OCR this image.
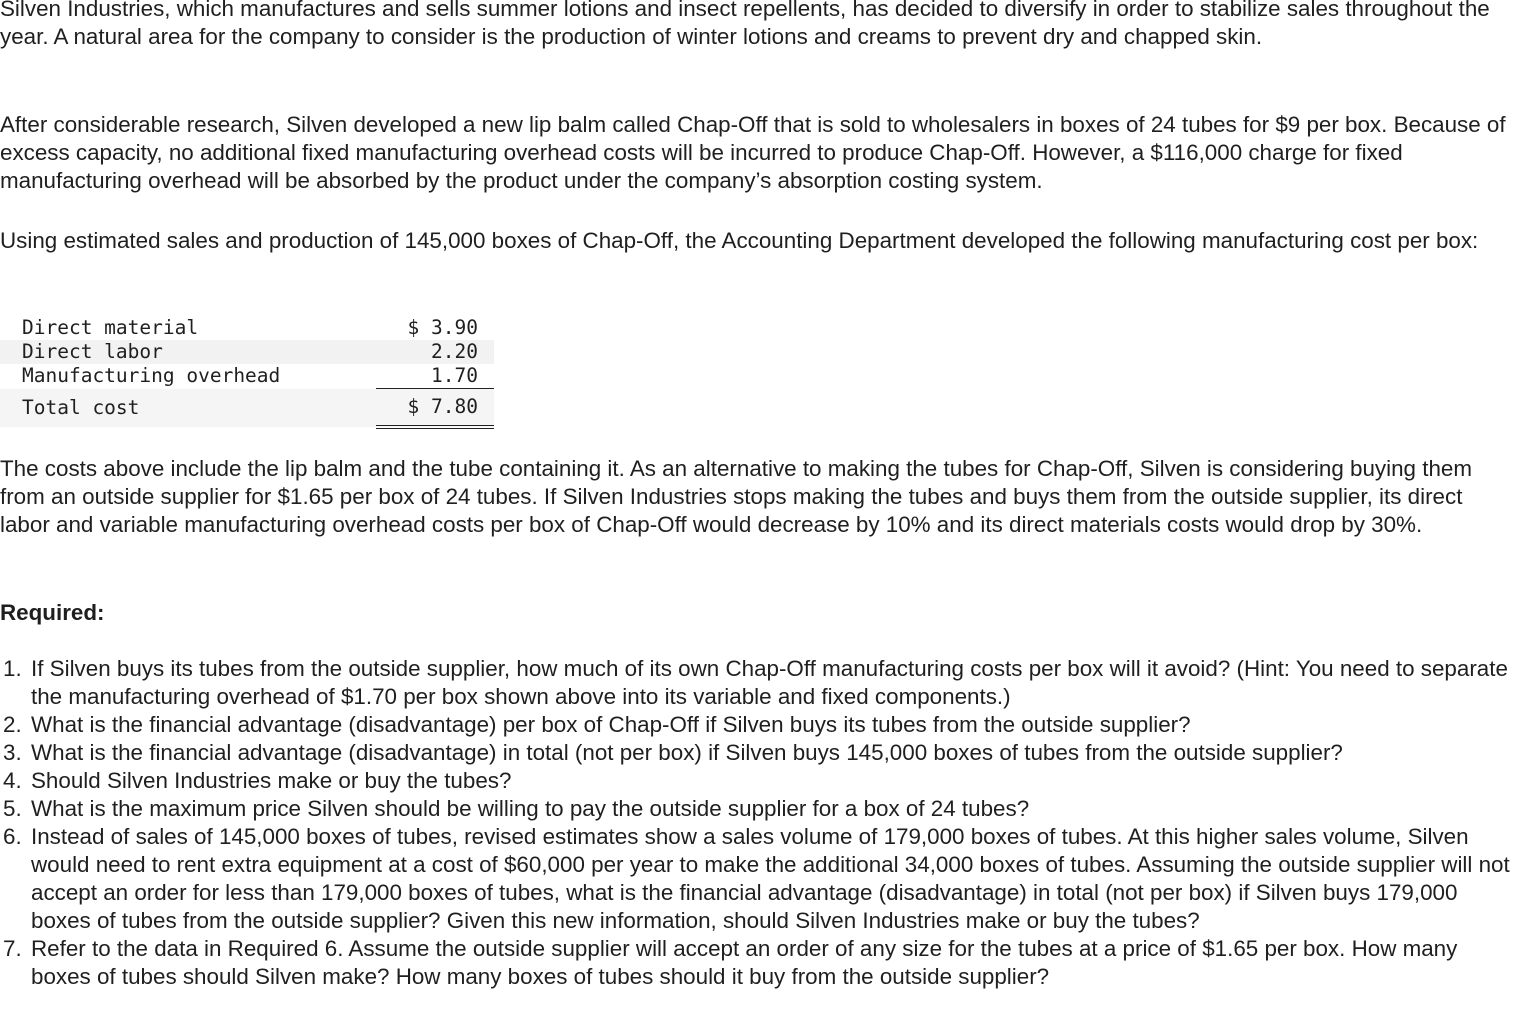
Silven Industries, which manufactures and sells summer lotions and insect repellents, has decided to diversify in order to stabilize sales throughout the year. A natural area for the company to consider is the production of winter lotions and creams to prevent dry and chapped skin.

After considerable research, Silven developed a new lip balm called Chap-Off that is sold to wholesalers in boxes of 24 tubes for $9 per box. Because of excess capacity, no additional fixed manufacturing overhead costs will be incurred to produce Chap-Off. However, a $116,000 charge for fixed manufacturing overhead will be absorbed by the product under the company’s absorption costing system.

Using estimated sales and production of 145,000 boxes of Chap-Off, the Accounting Department developed the following manufacturing cost per box:

Direct material	$ 3.90
Direct labor	2.20
Manufacturing overhead	1.70
Total cost	$ 7.80

The costs above include the lip balm and the tube containing it. As an alternative to making the tubes for Chap-Off, Silven is considering buying them from an outside supplier for $1.65 per box of 24 tubes. If Silven Industries stops making the tubes and buys them from the outside supplier, its direct labor and variable manufacturing overhead costs per box of Chap-Off would decrease by 10% and its direct materials costs would drop by 30%.

Required:
1. If Silven buys its tubes from the outside supplier, how much of its own Chap-Off manufacturing costs per box will it avoid? (Hint: You need to separate the manufacturing overhead of $1.70 per box shown above into its variable and fixed components.)
2. What is the financial advantage (disadvantage) per box of Chap-Off if Silven buys its tubes from the outside supplier?
3. What is the financial advantage (disadvantage) in total (not per box) if Silven buys 145,000 boxes of tubes from the outside supplier?
4. Should Silven Industries make or buy the tubes?
5. What is the maximum price Silven should be willing to pay the outside supplier for a box of 24 tubes?
6. Instead of sales of 145,000 boxes of tubes, revised estimates show a sales volume of 179,000 boxes of tubes. At this higher sales volume, Silven would need to rent extra equipment at a cost of $60,000 per year to make the additional 34,000 boxes of tubes. Assuming the outside supplier will not accept an order for less than 179,000 boxes of tubes, what is the financial advantage (disadvantage) in total (not per box) if Silven buys 179,000 boxes of tubes from the outside supplier? Given this new information, should Silven Industries make or buy the tubes?
7. Refer to the data in Required 6. Assume the outside supplier will accept an order of any size for the tubes at a price of $1.65 per box. How many boxes of tubes should Silven make? How many boxes of tubes should it buy from the outside supplier?
